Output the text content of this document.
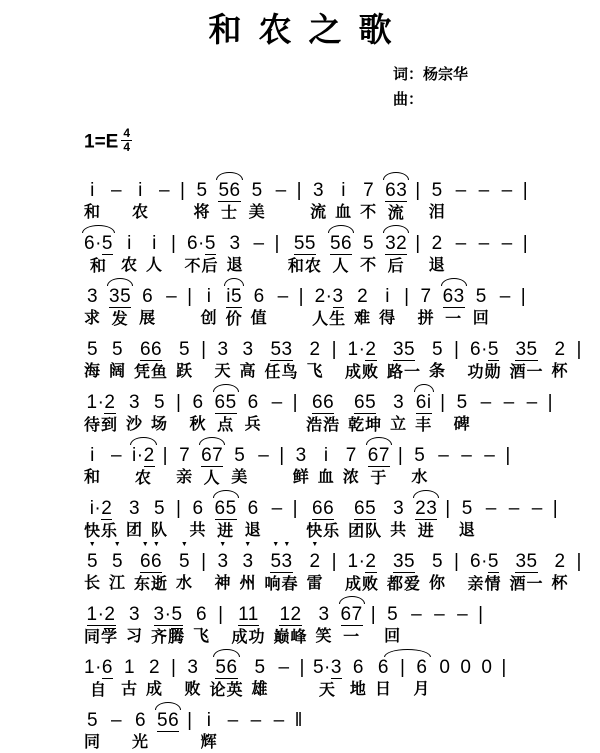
和农之歌
词：杨宗华
曲：
$1=E \frac{4}{4}$
i
和
– i
农
– | 5
将
56
士
5
美
– | 3
流
i
血
7
不
63
流
| 5
泪
– – – |
6· 5
和
i
农
i
人
| 6· 5
不后
3
退
– | 55
和农
56
人
5
不
32
后
| 2
退
– – – |
3
求
35
发
6
展
– | i
创
i5
价
6
值
– | 2· 3
人生
2
难
i
得
| 7
拼
63
一
5
回
– |
5
海
5
阔
66
凭鱼
5
跃
| 3
天
3
高
53
任鸟
2
飞
| 1· 2
成败
35
路一
5
条
| 6· 5
功勋
35
酒一
2
杯
|
1· 2
待到
3
沙
5
场
| 6
秋
65
点
6
兵
– | 66
浩浩
65
乾坤
3
立
6i
丰
| 5
碑
– – – |
i
和
– i· 2
农
| 7
亲
67
人
5
美
– | 3
鲜
i
血
7
浓
67
于
| 5
水
– – – |
i· 2
快乐
3
团
5
队
| 6
共
65
进
6
退
– | 66
快乐
65
团队
3
共
23
进
| 5
退
– – – |
5
▼
长
5
▼
江
66
▼ ▼
东逝
5
▼
水
| 3
▼
神
3
▼
州
53
▼ ▼
响春
2
▼
雷
| 1· 2
成败
35
都爱
5
你
| 6· 5
亲情
35
酒一
2
杯
|
1· 2
同学
3
习
3· 5
齐腾
6
飞
| 11
成功
12
巅峰
3
笑
67
一
| 5
回
– – – |
1· 6
自
1
古
2
成
| 3
败
56
论英
5
雄
– | 5· 3
天
6
地
6
日
| 6
月
0 0 0 |
5
同
– 6
光
56 | i
辉
– – – ‖
